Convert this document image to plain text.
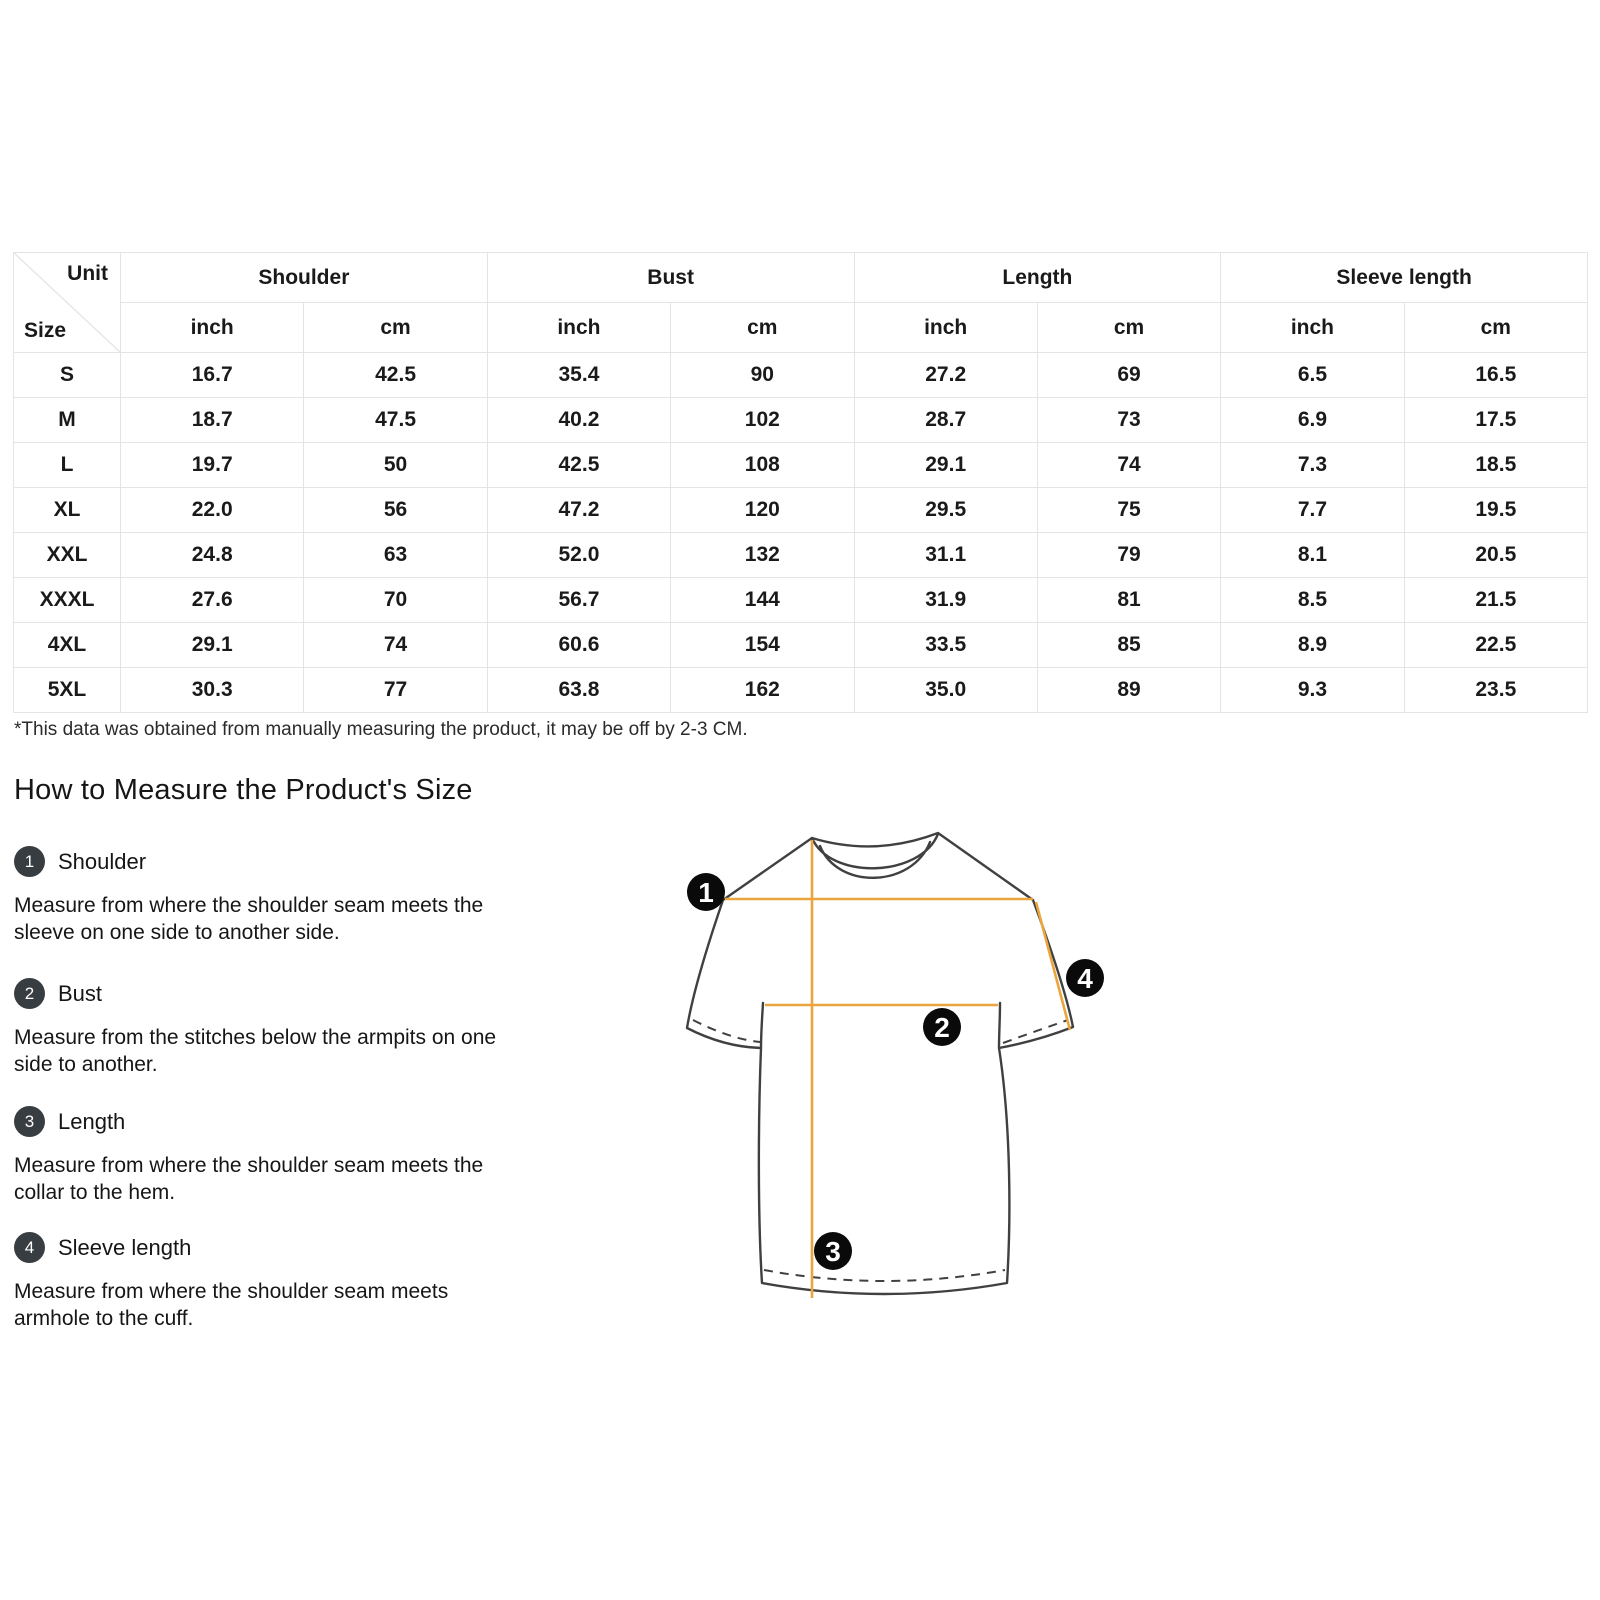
Unit
Size	Shoulder		Bust		Length		Sleeve length	
	inch	cm	inch	cm	inch	cm	inch	cm
S	16.7	42.5	35.4	90	27.2	69	6.5	16.5
M	18.7	47.5	40.2	102	28.7	73	6.9	17.5
L	19.7	50	42.5	108	29.1	74	7.3	18.5
XL	22.0	56	47.2	120	29.5	75	7.7	19.5
XXL	24.8	63	52.0	132	31.1	79	8.1	20.5
XXXL	27.6	70	56.7	144	31.9	81	8.5	21.5
4XL	29.1	74	60.6	154	33.5	85	8.9	22.5
5XL	30.3	77	63.8	162	35.0	89	9.3	23.5

*This data was obtained from manually measuring the product, it may be off by 2-3 CM.

How to Measure the Product's Size
1	Shoulder

Measure from where the shoulder seam meets the sleeve on one side to another side.

2	Bust

Measure from the stitches below the armpits on one side to another.

3	Length

Measure from where the shoulder seam meets the collar to the hem.

4	Sleeve length

Measure from where the shoulder seam meets armhole to the cuff.

1
2
3
4
